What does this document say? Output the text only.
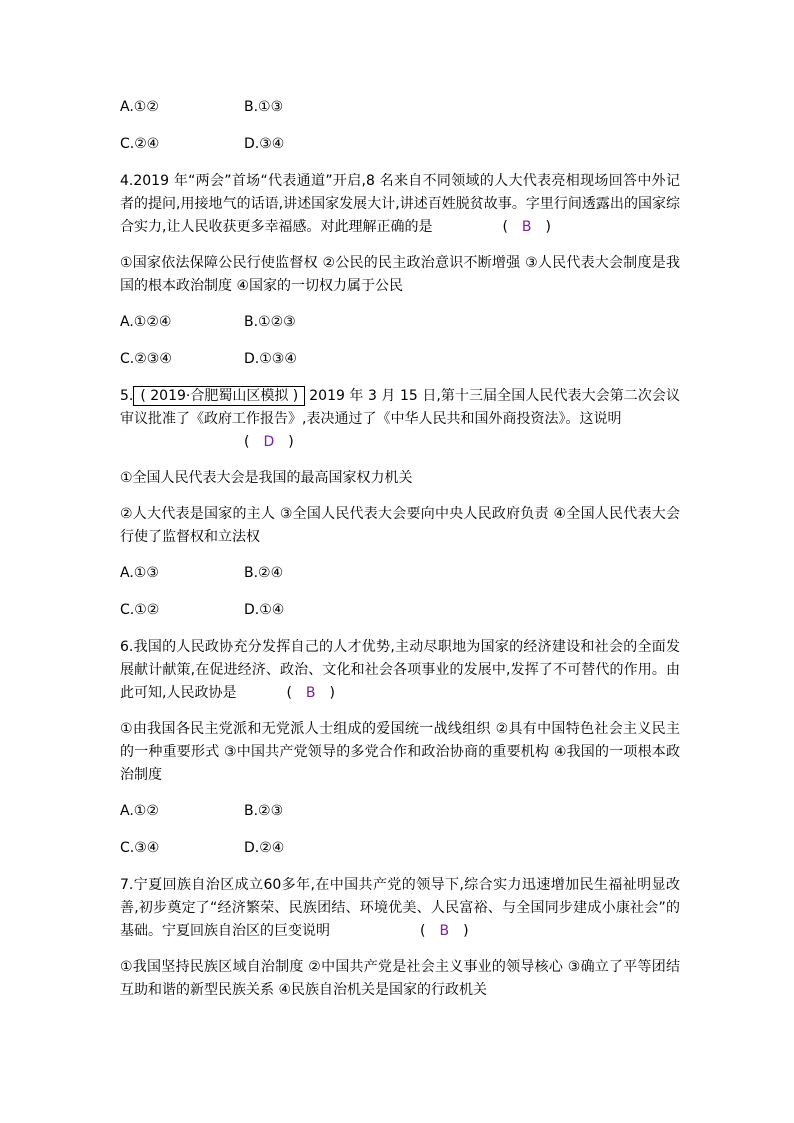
A.①②	B.①③
C.②④	D.③④
4.2019 年“两会”首场“代表通道”开启,8 名来自不同领域的人大代表亮相现场回答中外记者的提问,用接地气的话语,讲述国家发展大计,讲述百姓脱贫故事。字里行间透露出的国家综合实力,让人民收获更多幸福感。对此理解正确的是	( B )
①国家依法保障公民行使监督权 ②公民的民主政治意识不断增强 ③人民代表大会制度是我国的根本政治制度 ④国家的一切权力属于公民
A.①②④	B.①②③
C.②③④	D.①③④
5. ( 2019·合肥蜀山区模拟 ) 2019 年 3 月 15 日,第十三届全国人民代表大会第二次会议审议批准了《政府工作报告》,表决通过了《中华人民共和国外商投资法》。这说明
( D )
①全国人民代表大会是我国的最高国家权力机关
②人大代表是国家的主人 ③全国人民代表大会要向中央人民政府负责 ④全国人民代表大会行使了监督权和立法权
A.①③	B.②④
C.①②	D.①④
6.我国的人民政协充分发挥自己的人才优势,主动尽职地为国家的经济建设和社会的全面发展献计献策,在促进经济、政治、文化和社会各项事业的发展中,发挥了不可替代的作用。由此可知,人民政协是	( B )
①由我国各民主党派和无党派人士组成的爱国统一战线组织 ②具有中国特色社会主义民主的一种重要形式 ③中国共产党领导的多党合作和政治协商的重要机构 ④我国的一项根本政治制度
A.①②	B.②③
C.③④	D.②④
7.宁夏回族自治区成立60多年,在中国共产党的领导下,综合实力迅速增加民生福祉明显改善,初步奠定了“经济繁荣、民族团结、环境优美、人民富裕、与全国同步建成小康社会”的基础。宁夏回族自治区的巨变说明	( B )
①我国坚持民族区域自治制度 ②中国共产党是社会主义事业的领导核心 ③确立了平等团结互助和谐的新型民族关系 ④民族自治机关是国家的行政机关
